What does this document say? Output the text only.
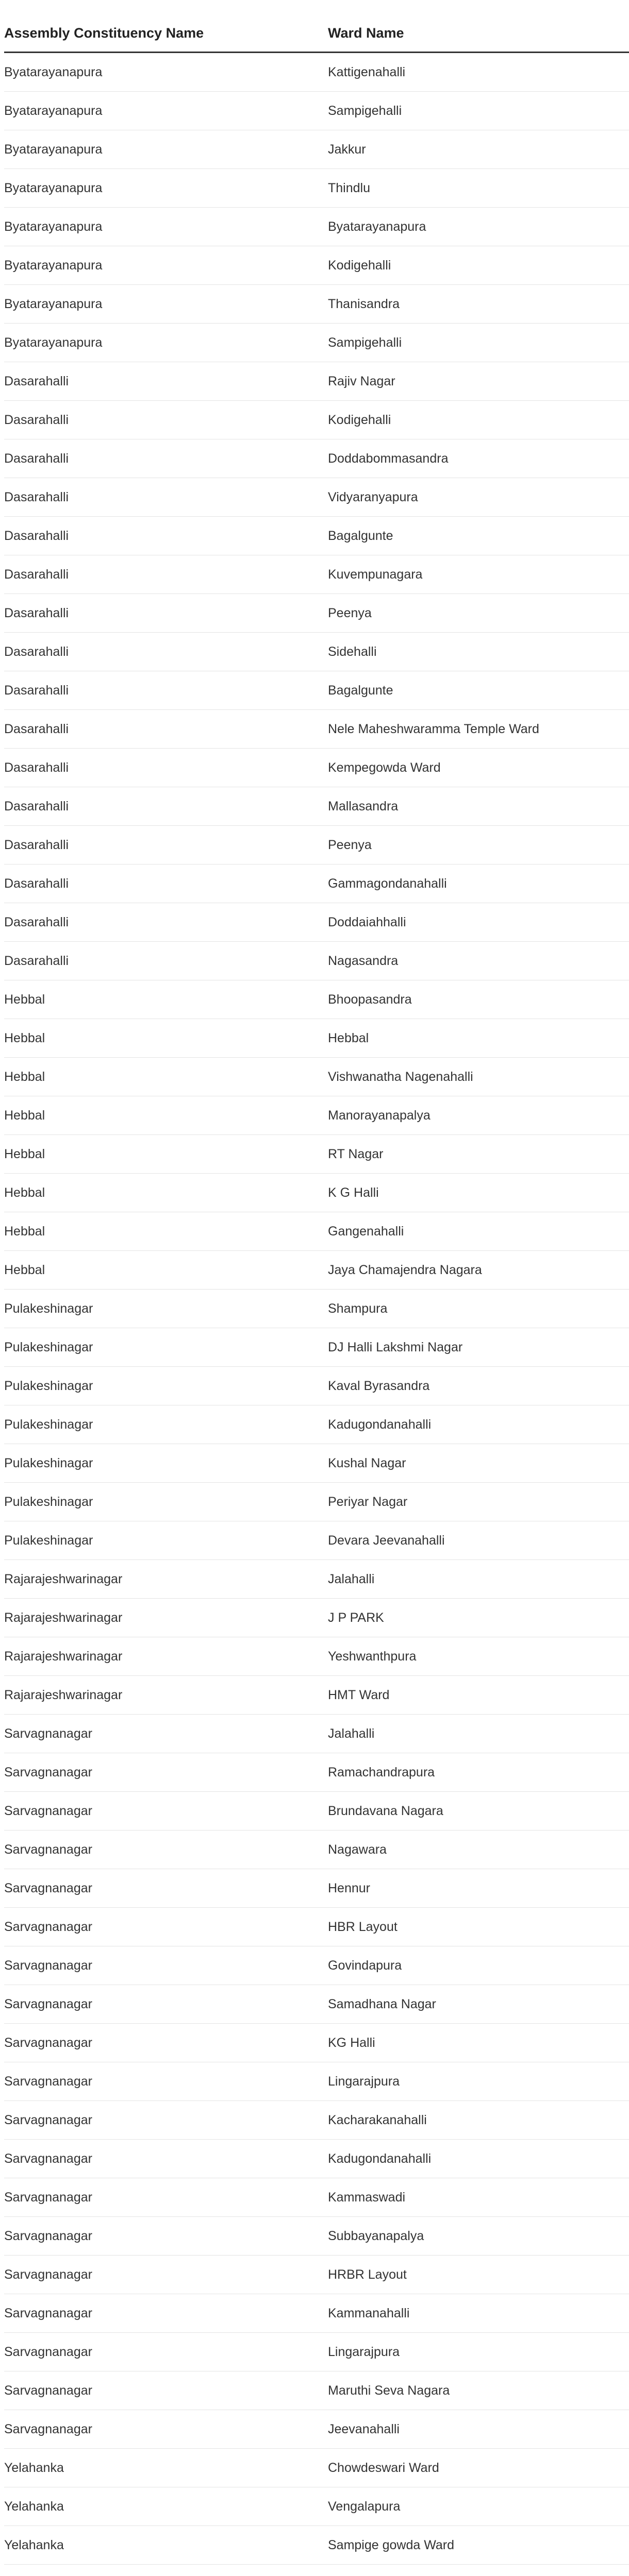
Assembly Constituency Name	Ward Name
Byatarayanapura	Kattigenahalli
Byatarayanapura	Sampigehalli
Byatarayanapura	Jakkur
Byatarayanapura	Thindlu
Byatarayanapura	Byatarayanapura
Byatarayanapura	Kodigehalli
Byatarayanapura	Thanisandra
Byatarayanapura	Sampigehalli
Dasarahalli	Rajiv Nagar
Dasarahalli	Kodigehalli
Dasarahalli	Doddabommasandra
Dasarahalli	Vidyaranyapura
Dasarahalli	Bagalgunte
Dasarahalli	Kuvempunagara
Dasarahalli	Peenya
Dasarahalli	Sidehalli
Dasarahalli	Bagalgunte
Dasarahalli	Nele Maheshwaramma Temple Ward
Dasarahalli	Kempegowda Ward
Dasarahalli	Mallasandra
Dasarahalli	Peenya
Dasarahalli	Gammagondanahalli
Dasarahalli	Doddaiahhalli
Dasarahalli	Nagasandra
Hebbal	Bhoopasandra
Hebbal	Hebbal
Hebbal	Vishwanatha Nagenahalli
Hebbal	Manorayanapalya
Hebbal	RT Nagar
Hebbal	K G Halli
Hebbal	Gangenahalli
Hebbal	Jaya Chamajendra Nagara
Pulakeshinagar	Shampura
Pulakeshinagar	DJ Halli Lakshmi Nagar
Pulakeshinagar	Kaval Byrasandra
Pulakeshinagar	Kadugondanahalli
Pulakeshinagar	Kushal Nagar
Pulakeshinagar	Periyar Nagar
Pulakeshinagar	Devara Jeevanahalli
Rajarajeshwarinagar	Jalahalli
Rajarajeshwarinagar	J P PARK
Rajarajeshwarinagar	Yeshwanthpura
Rajarajeshwarinagar	HMT Ward
Sarvagnanagar	Jalahalli
Sarvagnanagar	Ramachandrapura
Sarvagnanagar	Brundavana Nagara
Sarvagnanagar	Nagawara
Sarvagnanagar	Hennur
Sarvagnanagar	HBR Layout
Sarvagnanagar	Govindapura
Sarvagnanagar	Samadhana Nagar
Sarvagnanagar	KG Halli
Sarvagnanagar	Lingarajpura
Sarvagnanagar	Kacharakanahalli
Sarvagnanagar	Kadugondanahalli
Sarvagnanagar	Kammaswadi
Sarvagnanagar	Subbayanapalya
Sarvagnanagar	HRBR Layout
Sarvagnanagar	Kammanahalli
Sarvagnanagar	Lingarajpura
Sarvagnanagar	Maruthi Seva Nagara
Sarvagnanagar	Jeevanahalli
Yelahanka	Chowdeswari Ward
Yelahanka	Vengalapura
Yelahanka	Sampige gowda Ward
